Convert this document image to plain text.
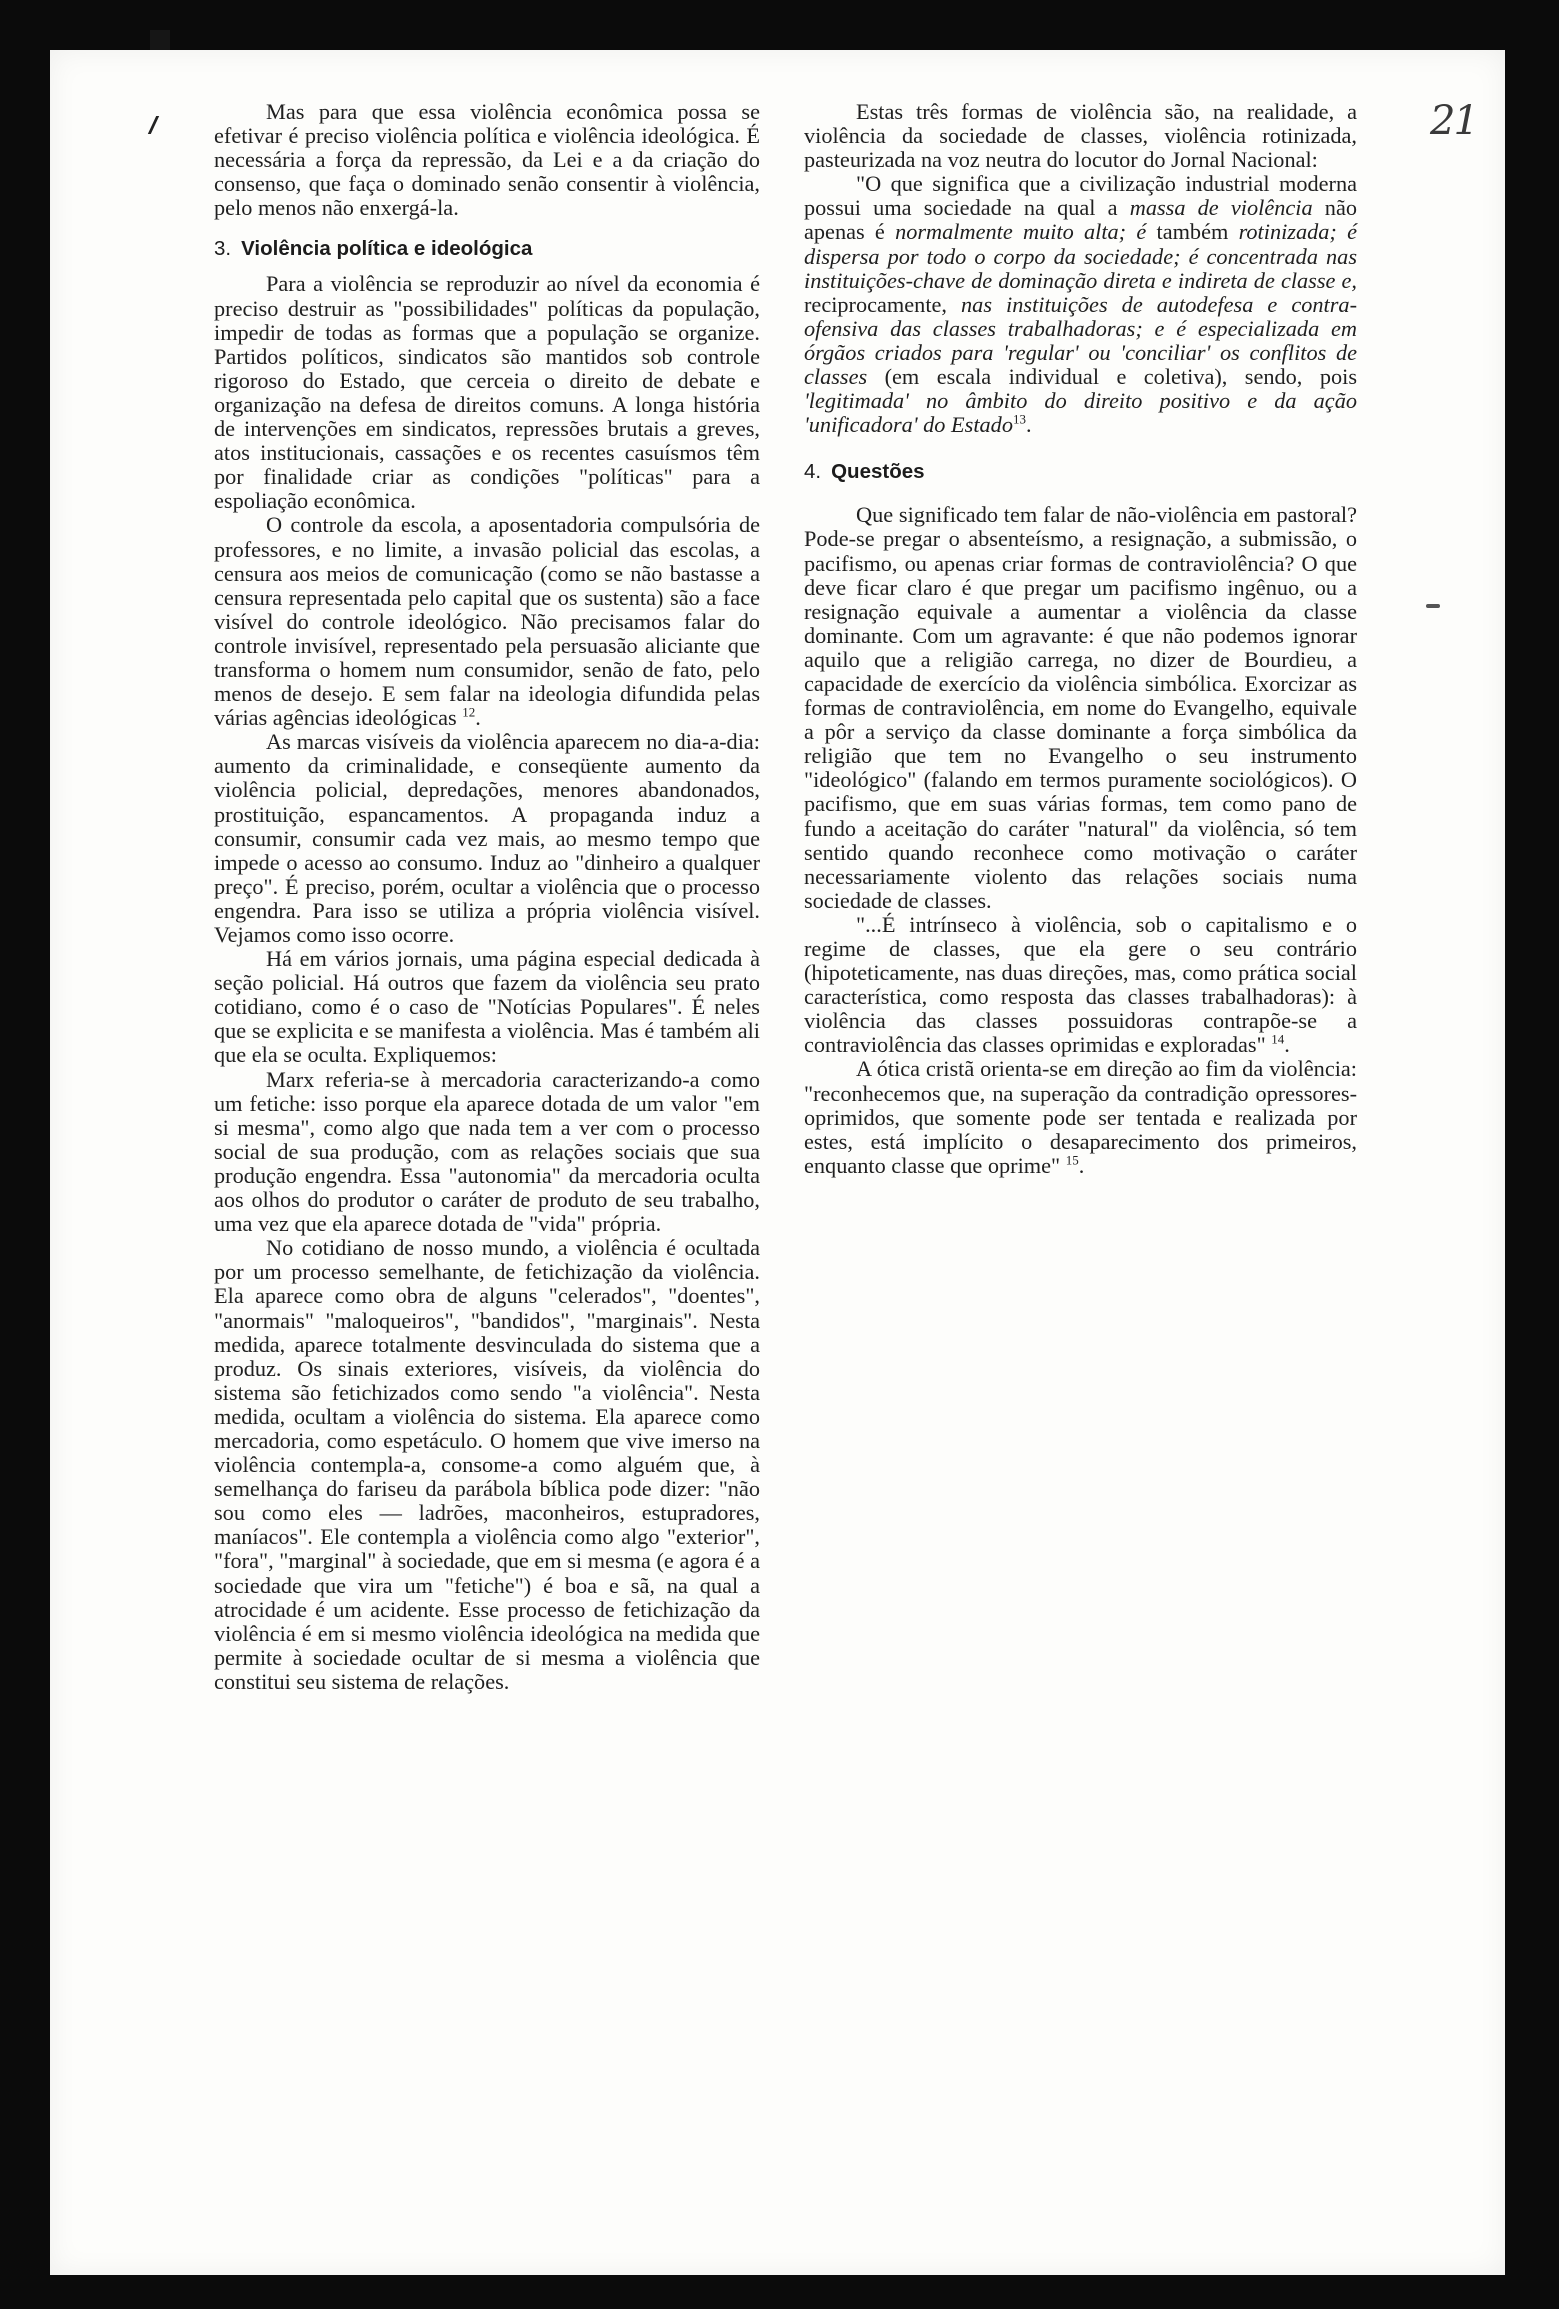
21

Mas para que essa violência econômica possa se efetivar é preciso violência política e violência ideológica. É necessária a força da repressão, da Lei e a da criação do consenso, que faça o dominado senão consentir à violência, pelo menos não enxergá-la.

3. Violência política e ideológica

Para a violência se reproduzir ao nível da economia é preciso destruir as "possibilidades" políticas da população, impedir de todas as formas que a população se organize. Partidos políticos, sindicatos são mantidos sob controle rigoroso do Estado, que cerceia o direito de debate e organização na defesa de direitos comuns. A longa história de intervenções em sindicatos, repressões brutais a greves, atos institucionais, cassações e os recentes casuísmos têm por finalidade criar as condições "políticas" para a espoliação econômica.

O controle da escola, a aposentadoria compulsória de professores, e no limite, a invasão policial das escolas, a censura aos meios de comunicação (como se não bastasse a censura representada pelo capital que os sustenta) são a face visível do controle ideológico. Não precisamos falar do controle invisível, representado pela persuasão aliciante que transforma o homem num consumidor, senão de fato, pelo menos de desejo. E sem falar na ideologia difundida pelas várias agências ideológicas $^{12}$.

As marcas visíveis da violência aparecem no dia-a-dia: aumento da criminalidade, e conseqüente aumento da violência policial, depredações, menores abandonados, prostituição, espancamentos. A propaganda induz a consumir, consumir cada vez mais, ao mesmo tempo que impede o acesso ao consumo. Induz ao "dinheiro a qualquer preço". É preciso, porém, ocultar a violência que o processo engendra. Para isso se utiliza a própria violência visível. Vejamos como isso ocorre.

Há em vários jornais, uma página especial dedicada à seção policial. Há outros que fazem da violência seu prato cotidiano, como é o caso de "Notícias Populares". É neles que se explicita e se manifesta a violência. Mas é também ali que ela se oculta. Expliquemos:

Marx referia-se à mercadoria caracterizando-a como um fetiche: isso porque ela aparece dotada de um valor "em si mesma", como algo que nada tem a ver com o processo social de sua produção, com as relações sociais que sua produção engendra. Essa "autonomia" da mercadoria oculta aos olhos do produtor o caráter de produto de seu trabalho, uma vez que ela aparece dotada de "vida" própria.

No cotidiano de nosso mundo, a violência é ocultada por um processo semelhante, de fetichização da violência. Ela aparece como obra de alguns "celerados", "doentes", "anormais" "maloqueiros", "bandidos", "marginais". Nesta medida, aparece totalmente desvinculada do sistema que a produz. Os sinais exteriores, visíveis, da violência do sistema são fetichizados como sendo "a violência". Nesta medida, ocultam a violência do sistema. Ela aparece como mercadoria, como espetáculo. O homem que vive imerso na violência contempla-a, consome-a como alguém que, à semelhança do fariseu da parábola bíblica pode dizer: "não sou como eles — ladrões, maconheiros, estupradores, maníacos". Ele contempla a violência como algo "exterior", "fora", "marginal" à sociedade, que em si mesma (e agora é a sociedade que vira um "fetiche") é boa e sã, na qual a atrocidade é um acidente. Esse processo de fetichização da violência é em si mesmo violência ideológica na medida que permite à sociedade ocultar de si mesma a violência que constitui seu sistema de relações.

Estas três formas de violência são, na realidade, a violência da sociedade de classes, violência rotinizada, pasteurizada na voz neutra do locutor do Jornal Nacional:

"O que significa que a civilização industrial moderna possui uma sociedade na qual a massa de violência não apenas é normalmente muito alta; é também rotinizada; é dispersa por todo o corpo da sociedade; é concentrada nas instituições-chave de dominação direta e indireta de classe e, reciprocamente, nas instituições de autodefesa e contra-ofensiva das classes trabalhadoras; e é especializada em órgãos criados para 'regular' ou 'conciliar' os conflitos de classes (em escala individual e coletiva), sendo, pois 'legitimada' no âmbito do direito positivo e da ação 'unificadora' do Estado$^{13}$.

4. Questões

Que significado tem falar de não-violência em pastoral? Pode-se pregar o absenteísmo, a resignação, a submissão, o pacifismo, ou apenas criar formas de contraviolência? O que deve ficar claro é que pregar um pacifismo ingênuo, ou a resignação equivale a aumentar a violência da classe dominante. Com um agravante: é que não podemos ignorar aquilo que a religião carrega, no dizer de Bourdieu, a capacidade de exercício da violência simbólica. Exorcizar as formas de contraviolência, em nome do Evangelho, equivale a pôr a serviço da classe dominante a força simbólica da religião que tem no Evangelho o seu instrumento "ideológico" (falando em termos puramente sociológicos). O pacifismo, que em suas várias formas, tem como pano de fundo a aceitação do caráter "natural" da violência, só tem sentido quando reconhece como motivação o caráter necessariamente violento das relações sociais numa sociedade de classes.

"...É intrínseco à violência, sob o capitalismo e o regime de classes, que ela gere o seu contrário (hipoteticamente, nas duas direções, mas, como prática social característica, como resposta das classes trabalhadoras): à violência das classes possuidoras contrapõe-se a contraviolência das classes oprimidas e exploradas" $^{14}$.

A ótica cristã orienta-se em direção ao fim da violência: "reconhecemos que, na superação da contradição opressores-oprimidos, que somente pode ser tentada e realizada por estes, está implícito o desaparecimento dos primeiros, enquanto classe que oprime" $^{15}$.
